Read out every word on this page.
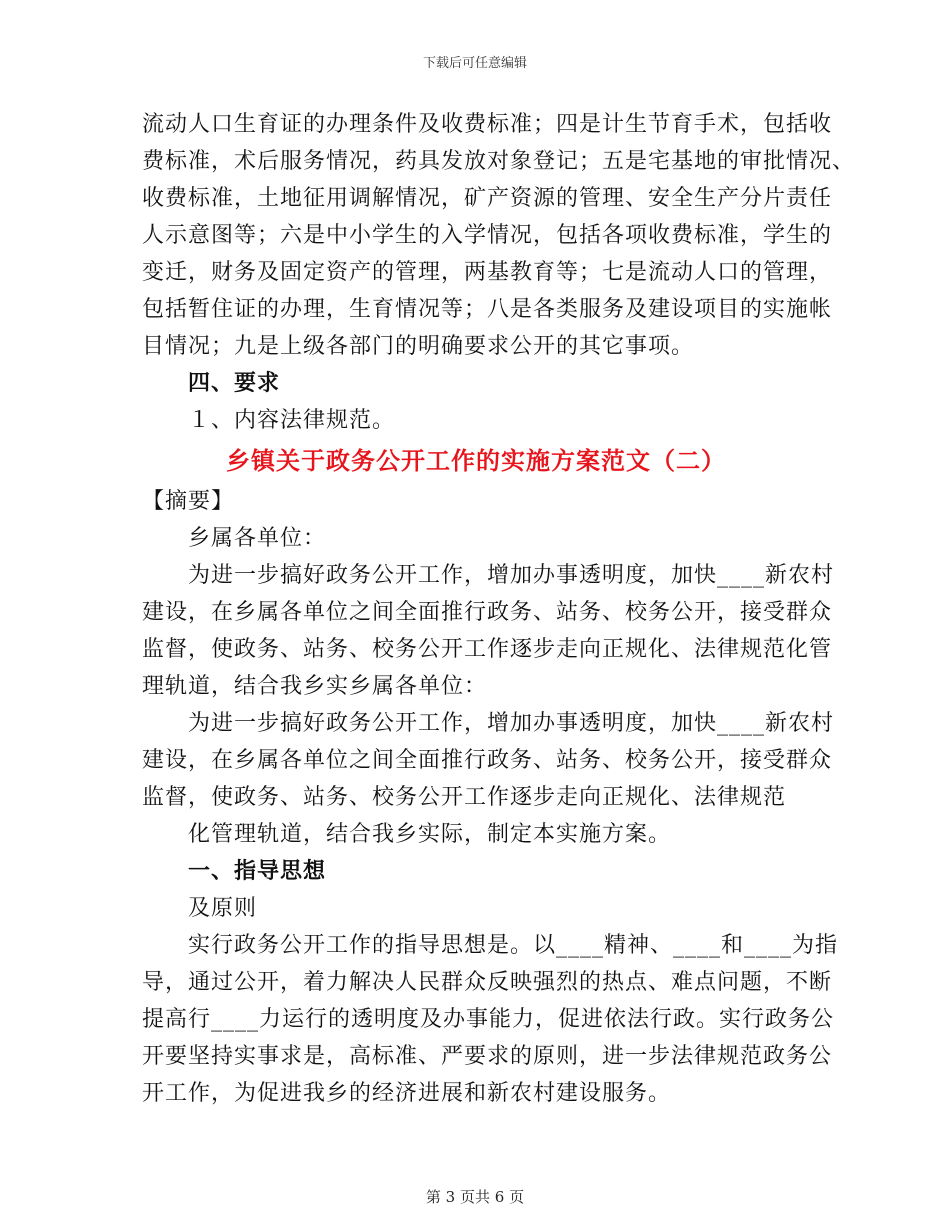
下载后可任意编辑

流动人口生育证的办理条件及收费标准；四是计生节育手术，包括收

费标准，术后服务情况，药具发放对象登记；五是宅基地的审批情况、

收费标准，土地征用调解情况，矿产资源的管理、安全生产分片责任

人示意图等；六是中小学生的入学情况，包括各项收费标准，学生的

变迁，财务及固定资产的管理，两基教育等；七是流动人口的管理，

包括暂住证的办理，生育情况等；八是各类服务及建设项目的实施帐

目情况；九是上级各部门的明确要求公开的其它事项。

四、要求

１、内容法律规范。

乡镇关于政务公开工作的实施方案范文（二）

【摘要】

乡属各单位：

为进一步搞好政务公开工作，增加办事透明度，加快____新农村

建设，在乡属各单位之间全面推行政务、站务、校务公开，接受群众

监督，使政务、站务、校务公开工作逐步走向正规化、法律规范化管

理轨道，结合我乡实乡属各单位：

为进一步搞好政务公开工作，增加办事透明度，加快____新农村

建设，在乡属各单位之间全面推行政务、站务、校务公开，接受群众

监督，使政务、站务、校务公开工作逐步走向正规化、法律规范

化管理轨道，结合我乡实际，制定本实施方案。

一、指导思想

及原则

实行政务公开工作的指导思想是。以____精神、____和____为指

导，通过公开，着力解决人民群众反映强烈的热点、难点问题，不断

提高行____力运行的透明度及办事能力，促进依法行政。实行政务公

开要坚持实事求是，高标准、严要求的原则，进一步法律规范政务公

开工作，为促进我乡的经济进展和新农村建设服务。

第 3 页共 6 页
